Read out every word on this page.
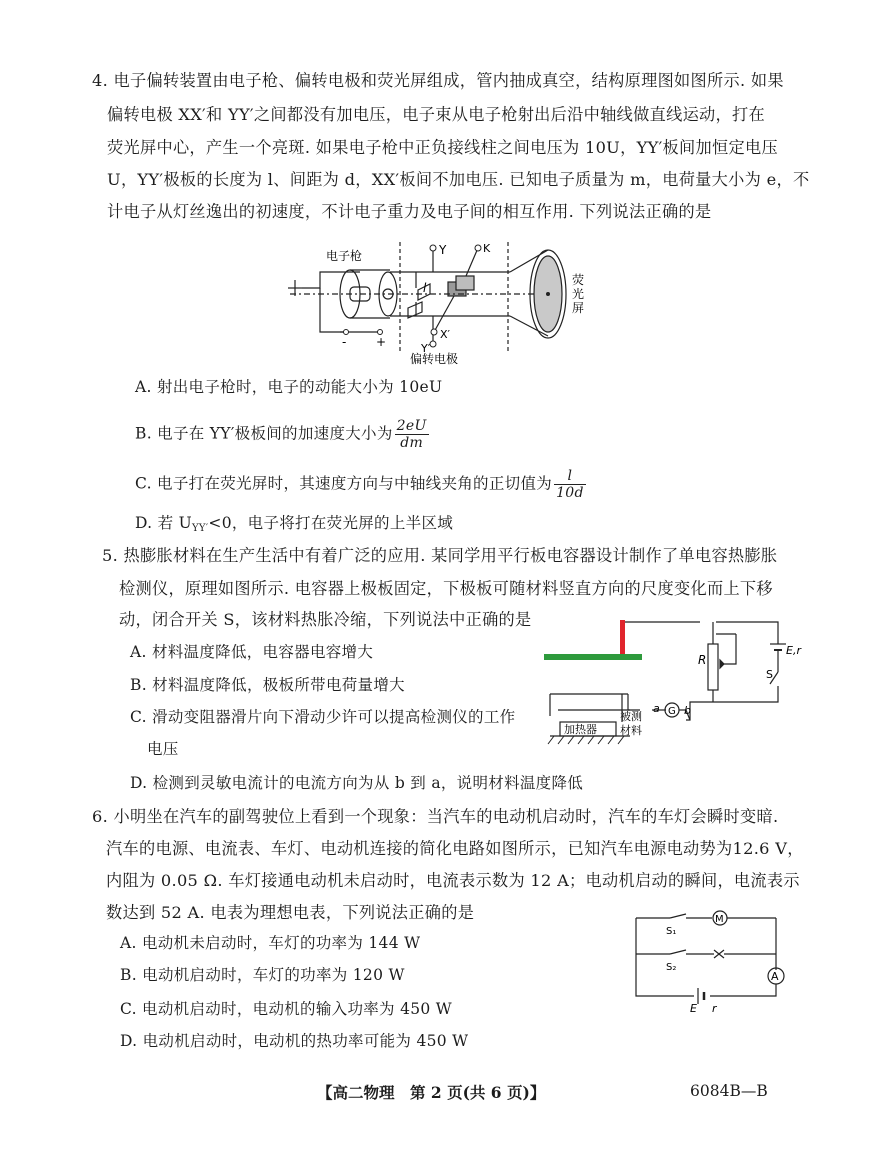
4. 电子偏转装置由电子枪、偏转电极和荧光屏组成，管内抽成真空，结构原理图如图所示. 如果
偏转电极 XX′和 YY′之间都没有加电压，电子束从电子枪射出后沿中轴线做直线运动，打在
荧光屏中心，产生一个亮斑. 如果电子枪中正负接线柱之间电压为 10U，YY′板间加恒定电压
U，YY′极板的长度为 l、间距为 d，XX′板间不加电压. 已知电子质量为 m，电荷量大小为 e，不
计电子从灯丝逸出的初速度，不计电子重力及电子间的相互作用. 下列说法正确的是
电子枪	Y	K
l
X′
Y′
- +
偏转电极
荧
光
屏
A. 射出电子枪时，电子的动能大小为 10eU
B. 电子在 YY′极板间的加速度大小为 $\frac{2eU}{dm}$
C. 电子打在荧光屏时，其速度方向与中轴线夹角的正切值为 $\frac{l}{10d}$
D. 若 $U_{YY'}<0$，电子将打在荧光屏的上半区域
5. 热膨胀材料在生产生活中有着广泛的应用. 某同学用平行板电容器设计制作了单电容热膨胀
检测仪，原理如图所示. 电容器上极板固定，下极板可随材料竖直方向的尺度变化而上下移
动，闭合开关 S，该材料热胀冷缩，下列说法中正确的是
A. 材料温度降低，电容器电容增大
B. 材料温度降低，极板所带电荷量增大
C. 滑动变阻器滑片向下滑动少许可以提高检测仪的工作
电压
D. 检测到灵敏电流计的电流方向为从 b 到 a，说明材料温度降低
R
E,r
S
a G b
加热器
被测
材料
6. 小明坐在汽车的副驾驶位上看到一个现象：当汽车的电动机启动时，汽车的车灯会瞬时变暗.
汽车的电源、电流表、车灯、电动机连接的简化电路如图所示，已知汽车电源电动势为12.6 V，
内阻为 0.05 Ω. 车灯接通电动机未启动时，电流表示数为 12 A；电动机启动的瞬间，电流表示
数达到 52 A. 电表为理想电表，下列说法正确的是
A. 电动机未启动时，车灯的功率为 144 W
B. 电动机启动时，车灯的功率为 120 W
C. 电动机启动时，电动机的输入功率为 450 W
D. 电动机启动时，电动机的热功率可能为 450 W
S₁
M
S₂
A
E r
【高二物理　第 2 页(共 6 页)】	6084B—B
